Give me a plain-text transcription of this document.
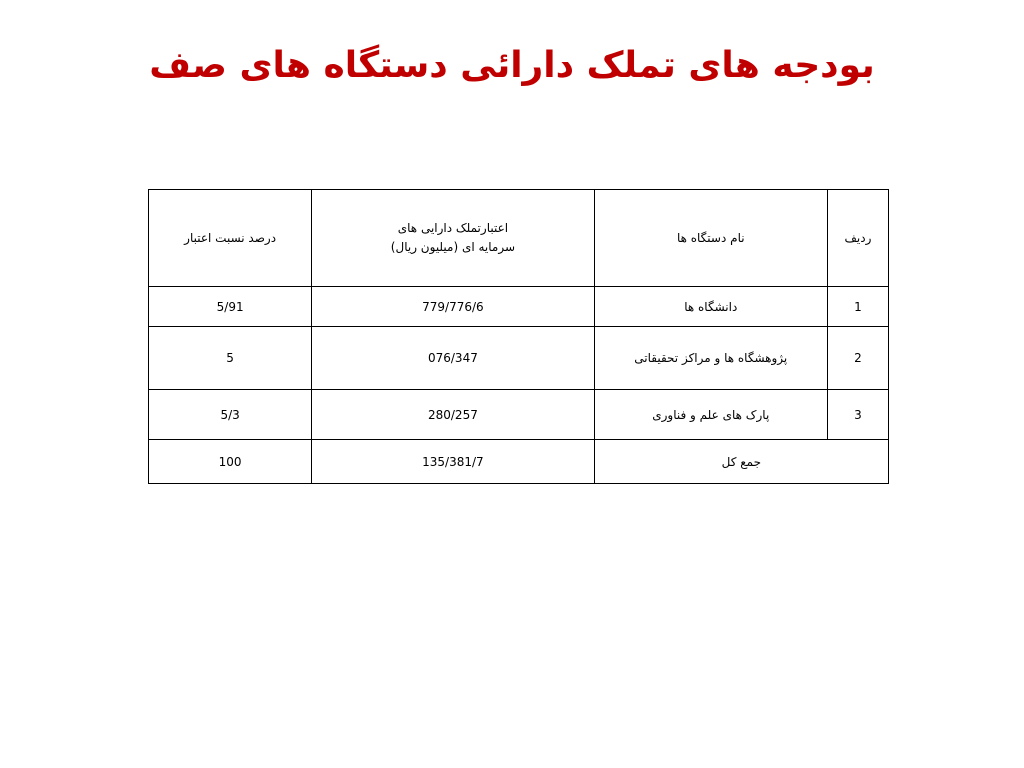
بودجه های تملک دارائی دستگاه های صف
ردیف	نام دستگاه ها	اعتبارتملک دارایی های
سرمایه ای (میلیون ریال)	درصد نسبت اعتبار
1	دانشگاه ها	779/776/6	5/91
2	پژوهشگاه ها و مراکز تحقیقاتی	076/347	5
3	پارک های علم و فناوری	280/257	5/3
جمع کل		135/381/7	100
